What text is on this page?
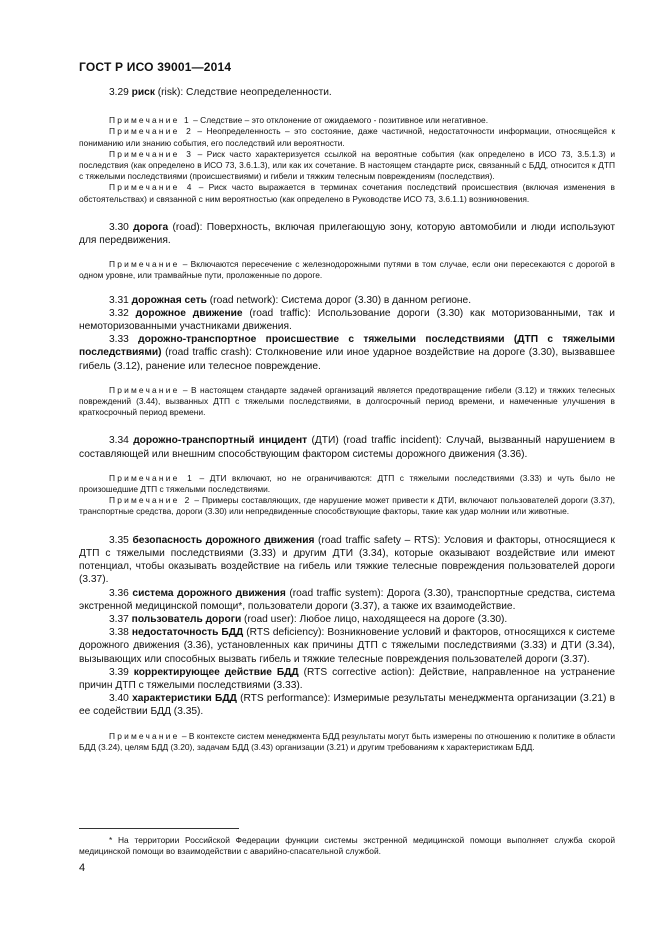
ГОСТ Р ИСО 39001—2014

3.29 риск (risk): Следствие неопределенности.

Примечание 1 – Следствие – это отклонение от ожидаемого - позитивное или негативное.

Примечание 2 – Неопределенность – это состояние, даже частичной, недостаточности информации, относящейся к пониманию или знанию события, его последствий или вероятности.

Примечание 3 – Риск часто характеризуется ссылкой на вероятные события (как определено в ИСО 73, 3.5.1.3) и последствия (как определено в ИСО 73, 3.6.1.3), или как их сочетание. В настоящем стандарте риск, связанный с БДД, относится к ДТП с тяжелыми последствиями (происшествиями) и гибели и тяжким телесным повреждениям (последствия).

Примечание 4 – Риск часто выражается в терминах сочетания последствий происшествия (включая изменения в обстоятельствах) и связанной с ним вероятностью (как определено в Руководстве ИСО 73, 3.6.1.1) возникновения.

3.30 дорога (road): Поверхность, включая прилегающую зону, которую автомобили и люди используют для передвижения.

Примечание – Включаются пересечение с железнодорожными путями в том случае, если они пересекаются с дорогой в одном уровне, или трамвайные пути, проложенные по дороге.

3.31 дорожная сеть (road network): Система дорог (3.30) в данном регионе.

3.32 дорожное движение (road traffic): Использование дороги (3.30) как моторизованными, так и немоторизованными участниками движения.

3.33 дорожно-транспортное происшествие с тяжелыми последствиями (ДТП с тяжелыми последствиями) (road traffic crash): Столкновение или иное ударное воздействие на дороге (3.30), вызвавшее гибель (3.12), ранение или телесное повреждение.

Примечание – В настоящем стандарте задачей организаций является предотвращение гибели (3.12) и тяжких телесных повреждений (3.44), вызванных ДТП с тяжелыми последствиями, в долгосрочный период времени, и намеченные улучшения в краткосрочный период времени.

3.34 дорожно-транспортный инцидент (ДТИ) (road traffic incident): Случай, вызванный нарушением в составляющей или внешним способствующим фактором системы дорожного движения (3.36).

Примечание 1 – ДТИ включают, но не ограничиваются: ДТП с тяжелыми последствиями (3.33) и чуть было не произошедшие ДТП с тяжелыми последствиями.

Примечание 2 – Примеры составляющих, где нарушение может привести к ДТИ, включают пользователей дороги (3.37), транспортные средства, дороги (3.30) или непредвиденные способствующие факторы, такие как удар молнии или животные.

3.35 безопасность дорожного движения (road traffic safety – RTS): Условия и факторы, относящиеся к ДТП с тяжелыми последствиями (3.33) и другим ДТИ (3.34), которые оказывают воздействие или имеют потенциал, чтобы оказывать воздействие на гибель или тяжкие телесные повреждения пользователей дороги (3.37).

3.36 система дорожного движения (road traffic system): Дорога (3.30), транспортные средства, система экстренной медицинской помощи*, пользователи дороги (3.37), а также их взаимодействие.

3.37 пользователь дороги (road user): Любое лицо, находящееся на дороге (3.30).

3.38 недостаточность БДД (RTS deficiency): Возникновение условий и факторов, относящихся к системе дорожного движения (3.36), установленных как причины ДТП с тяжелыми последствиями (3.33) и ДТИ (3.34), вызывающих или способных вызвать гибель и тяжкие телесные повреждения пользователей дороги (3.37).

3.39 корректирующее действие БДД (RTS corrective action): Действие, направленное на устранение причин ДТП с тяжелыми последствиями (3.33).

3.40 характеристики БДД (RTS performance): Измеримые результаты менеджмента организации (3.21) в ее содействии БДД (3.35).

Примечание – В контексте систем менеджмента БДД результаты могут быть измерены по отношению к политике в области БДД (3.24), целям БДД (3.20), задачам БДД (3.43) организации (3.21) и другим требованиям к характеристикам БДД.

* На территории Российской Федерации функции системы экстренной медицинской помощи выполняет служба скорой медицинской помощи во взаимодействии с аварийно-спасательной службой.

4
